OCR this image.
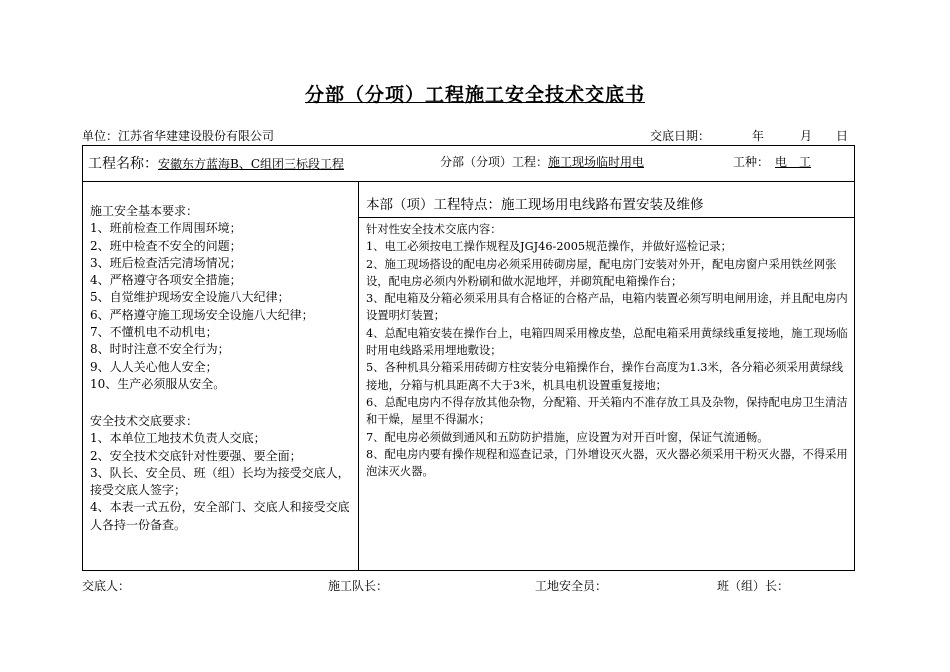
分部（分项）工程施工安全技术交底书
单位：江苏省华建建设股份有限公司	交底日期：	年	月 日
工程名称：安徽东方蓝海B、C组团三标段工程	分部（分项）工程：施工现场临时用电	工种： 电　工
施工安全基本要求：
1、班前检查工作周围环境；
2、班中检查不安全的问题；
3、班后检查活完清场情况；
4、严格遵守各项安全措施；
5、自觉维护现场安全设施八大纪律；
6、严格遵守施工现场安全设施八大纪律；
7、不懂机电不动机电；
8、时时注意不安全行为；
9、人人关心他人安全；
10、生产必须服从安全。
安全技术交底要求：
1、本单位工地技术负责人交底；
2、安全技术交底针对性要强、要全面；
3、队长、安全员、班（组）长均为接受交底人，接受交底人签字；
4、本表一式五份，安全部门、交底人和接受交底人各持一份备查。
本部（项）工程特点：施工现场用电线路布置安装及维修
针对性安全技术交底内容：
1、电工必须按电工操作规程及JGJ46-2005规范操作，并做好巡检记录；
2、施工现场搭设的配电房必须采用砖砌房屋，配电房门安装对外开，配电房窗户采用铁丝网张设，配电房必须内外粉刷和做水泥地坪，并砌筑配电箱操作台；
3、配电箱及分箱必须采用具有合格证的合格产品，电箱内装置必须写明电闸用途，并且配电房内设置明灯装置；
4、总配电箱安装在操作台上，电箱四周采用橡皮垫，总配电箱采用黄绿线重复接地，施工现场临时用电线路采用埋地敷设；
5、各种机具分箱采用砖砌方柱安装分电箱操作台，操作台高度为1.3米，各分箱必须采用黄绿线接地，分箱与机具距离不大于3米，机具电机设置重复接地；
6、总配电房内不得存放其他杂物，分配箱、开关箱内不准存放工具及杂物，保持配电房卫生清洁和干燥，屋里不得漏水；
7、配电房必须做到通风和五防防护措施，应设置为对开百叶窗，保证气流通畅。
8、配电房内要有操作规程和巡查记录，门外增设灭火器，灭火器必须采用干粉灭火器，不得采用泡沫灭火器。
交底人：	施工队长：	工地安全员：	班（组）长：
